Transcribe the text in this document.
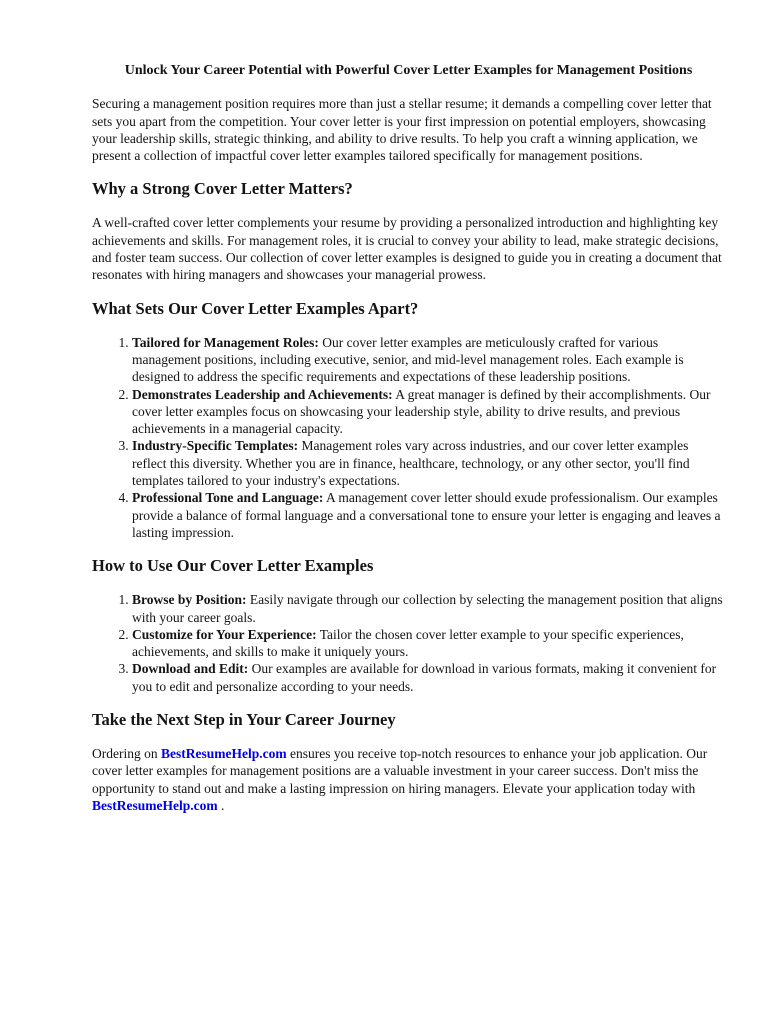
Unlock Your Career Potential with Powerful Cover Letter Examples for Management Positions

Securing a management position requires more than just a stellar resume; it demands a compelling cover letter that sets you apart from the competition. Your cover letter is your first impression on potential employers, showcasing your leadership skills, strategic thinking, and ability to drive results. To help you craft a winning application, we present a collection of impactful cover letter examples tailored specifically for management positions.

Why a Strong Cover Letter Matters?

A well-crafted cover letter complements your resume by providing a personalized introduction and highlighting key achievements and skills. For management roles, it is crucial to convey your ability to lead, make strategic decisions, and foster team success. Our collection of cover letter examples is designed to guide you in creating a document that resonates with hiring managers and showcases your managerial prowess.

What Sets Our Cover Letter Examples Apart?
1. Tailored for Management Roles: Our cover letter examples are meticulously crafted for various management positions, including executive, senior, and mid-level management roles. Each example is designed to address the specific requirements and expectations of these leadership positions.
2. Demonstrates Leadership and Achievements: A great manager is defined by their accomplishments. Our cover letter examples focus on showcasing your leadership style, ability to drive results, and previous achievements in a managerial capacity.
3. Industry-Specific Templates: Management roles vary across industries, and our cover letter examples reflect this diversity. Whether you are in finance, healthcare, technology, or any other sector, you'll find templates tailored to your industry's expectations.
4. Professional Tone and Language: A management cover letter should exude professionalism. Our examples provide a balance of formal language and a conversational tone to ensure your letter is engaging and leaves a lasting impression.
How to Use Our Cover Letter Examples
1. Browse by Position: Easily navigate through our collection by selecting the management position that aligns with your career goals.
2. Customize for Your Experience: Tailor the chosen cover letter example to your specific experiences, achievements, and skills to make it uniquely yours.
3. Download and Edit: Our examples are available for download in various formats, making it convenient for you to edit and personalize according to your needs.
Take the Next Step in Your Career Journey

Ordering on BestResumeHelp.com ensures you receive top-notch resources to enhance your job application. Our cover letter examples for management positions are a valuable investment in your career success. Don't miss the opportunity to stand out and make a lasting impression on hiring managers. Elevate your application today with BestResumeHelp.com .
